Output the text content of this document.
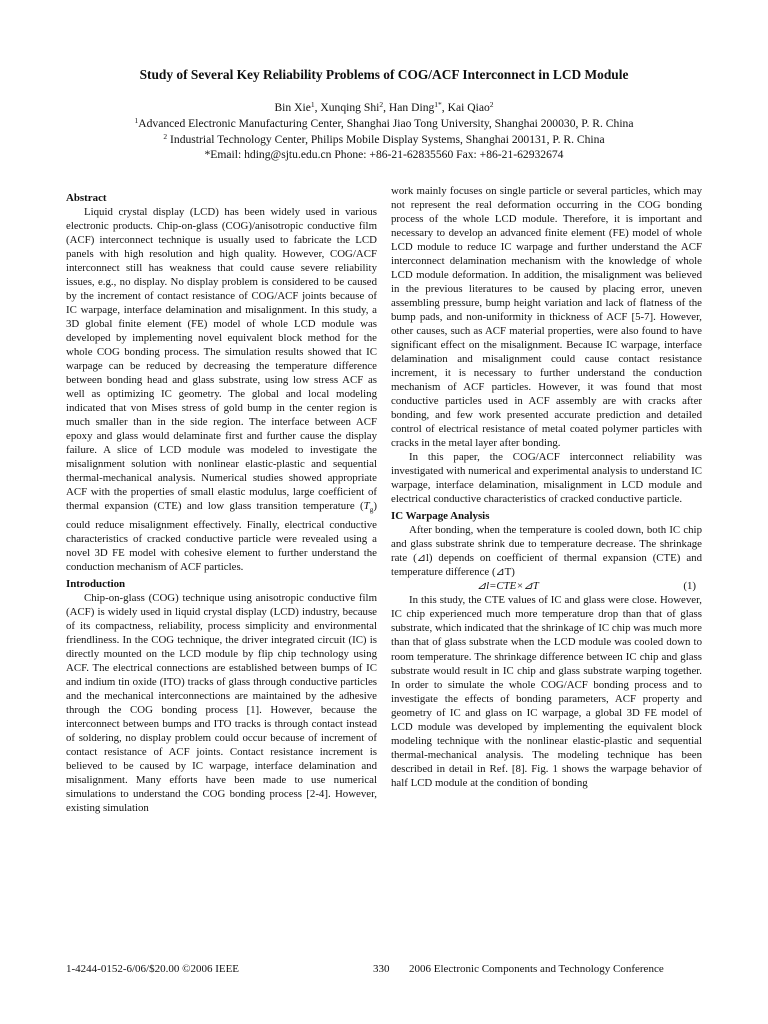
Study of Several Key Reliability Problems of COG/ACF Interconnect in LCD Module
Bin Xie$^1$, Xunqing Shi$^2$, Han Ding$^{1*}$, Kai Qiao$^2$
$^1$Advanced Electronic Manufacturing Center, Shanghai Jiao Tong University, Shanghai 200030, P. R. China
$^2$ Industrial Technology Center, Philips Mobile Display Systems, Shanghai 200131, P. R. China
*Email: hding@sjtu.edu.cn Phone: +86-21-62835560 Fax: +86-21-62932674
Abstract

Liquid crystal display (LCD) has been widely used in various electronic products. Chip-on-glass (COG)/anisotropic conductive film (ACF) interconnect technique is usually used to fabricate the LCD panels with high resolution and high quality. However, COG/ACF interconnect still has weakness that could cause severe reliability issues, e.g., no display. No display problem is considered to be caused by the increment of contact resistance of COG/ACF joints because of IC warpage, interface delamination and misalignment. In this study, a 3D global finite element (FE) model of whole LCD module was developed by implementing novel equivalent block method for the whole COG bonding process. The simulation results showed that IC warpage can be reduced by decreasing the temperature difference between bonding head and glass substrate, using low stress ACF as well as optimizing IC geometry. The global and local modeling indicated that von Mises stress of gold bump in the center region is much smaller than in the side region. The interface between ACF epoxy and glass would delaminate first and further cause the display failure. A slice of LCD module was modeled to investigate the misalignment solution with nonlinear elastic-plastic and sequential thermal-mechanical analysis. Numerical studies showed appropriate ACF with the properties of small elastic modulus, large coefficient of thermal expansion (CTE) and low glass transition temperature $(T_g)$ could reduce misalignment effectively. Finally, electrical conductive characteristics of cracked conductive particle were revealed using a novel 3D FE model with cohesive element to further understand the conduction mechanism of ACF particles.

Introduction

Chip-on-glass (COG) technique using anisotropic conductive film (ACF) is widely used in liquid crystal display (LCD) industry, because of its compactness, reliability, process simplicity and environmental friendliness. In the COG technique, the driver integrated circuit (IC) is directly mounted on the LCD module by flip chip technology using ACF. The electrical connections are established between bumps of IC and indium tin oxide (ITO) tracks of glass through conductive particles and the mechanical interconnections are maintained by the adhesive through the COG bonding process [1]. However, because the interconnect between bumps and ITO tracks is through contact instead of soldering, no display problem could occur because of increment of contact resistance of ACF joints. Contact resistance increment is believed to be caused by IC warpage, interface delamination and misalignment. Many efforts have been made to use numerical simulations to understand the COG bonding process [2-4]. However, existing simulation

work mainly focuses on single particle or several particles, which may not represent the real deformation occurring in the COG bonding process of the whole LCD module. Therefore, it is important and necessary to develop an advanced finite element (FE) model of whole LCD module to reduce IC warpage and further understand the ACF interconnect delamination mechanism with the knowledge of whole LCD module deformation. In addition, the misalignment was believed in the previous literatures to be caused by placing error, uneven assembling pressure, bump height variation and lack of flatness of the bump pads, and non-uniformity in thickness of ACF [5-7]. However, other causes, such as ACF material properties, were also found to have significant effect on the misalignment. Because IC warpage, interface delamination and misalignment could cause contact resistance increment, it is necessary to further understand the conduction mechanism of ACF particles. However, it was found that most conductive particles used in ACF assembly are with cracks after bonding, and few work presented accurate prediction and detailed control of electrical resistance of metal coated polymer particles with cracks in the metal layer after bonding.

In this paper, the COG/ACF interconnect reliability was investigated with numerical and experimental analysis to understand IC warpage, interface delamination, misalignment in LCD module and electrical conductive characteristics of cracked conductive particle.

IC Warpage Analysis

After bonding, when the temperature is cooled down, both IC chip and glass substrate shrink due to temperature decrease. The shrinkage rate (⊿l) depends on coefficient of thermal expansion (CTE) and temperature difference (⊿T)

⊿l=CTE×⊿T	(1)

In this study, the CTE values of IC and glass were close. However, IC chip experienced much more temperature drop than that of glass substrate, which indicated that the shrinkage of IC chip was much more than that of glass substrate when the LCD module was cooled down to room temperature. The shrinkage difference between IC chip and glass substrate would result in IC chip and glass substrate warping together. In order to simulate the whole COG/ACF bonding process and to investigate the effects of bonding parameters, ACF property and geometry of IC and glass on IC warpage, a global 3D FE model of LCD module was developed by implementing the equivalent block modeling technique with the nonlinear elastic-plastic and sequential thermal-mechanical analysis. The modeling technique has been described in detail in Ref. [8]. Fig. 1 shows the warpage behavior of half LCD module at the condition of bonding

1-4244-0152-6/06/$20.00 ©2006 IEEE	330 2006 Electronic Components and Technology Conference
